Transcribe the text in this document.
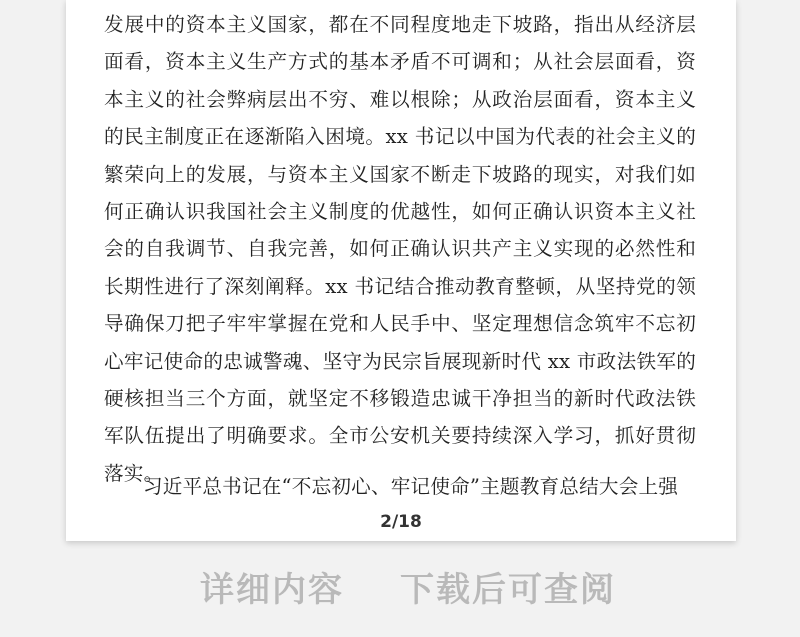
发展中的资本主义国家，都在不同程度地走下坡路，指出从经济层面看，资本主义生产方式的基本矛盾不可调和；从社会层面看，资本主义的社会弊病层出不穷、难以根除；从政治层面看，资本主义的民主制度正在逐渐陷入困境。xx 书记以中国为代表的社会主义的繁荣向上的发展，与资本主义国家不断走下坡路的现实，对我们如何正确认识我国社会主义制度的优越性，如何正确认识资本主义社会的自我调节、自我完善，如何正确认识共产主义实现的必然性和长期性进行了深刻阐释。xx 书记结合推动教育整顿，从坚持党的领导确保刀把子牢牢掌握在党和人民手中、坚定理想信念筑牢不忘初心牢记使命的忠诚警魂、坚守为民宗旨展现新时代 xx 市政法铁军的硬核担当三个方面，就坚定不移锻造忠诚干净担当的新时代政法铁军队伍提出了明确要求。全市公安机关要持续深入学习，抓好贯彻落实。

习近平总书记在“不忘初心、牢记使命”主题教育总结大会上强

2/18
详细内容 下载后可查阅
